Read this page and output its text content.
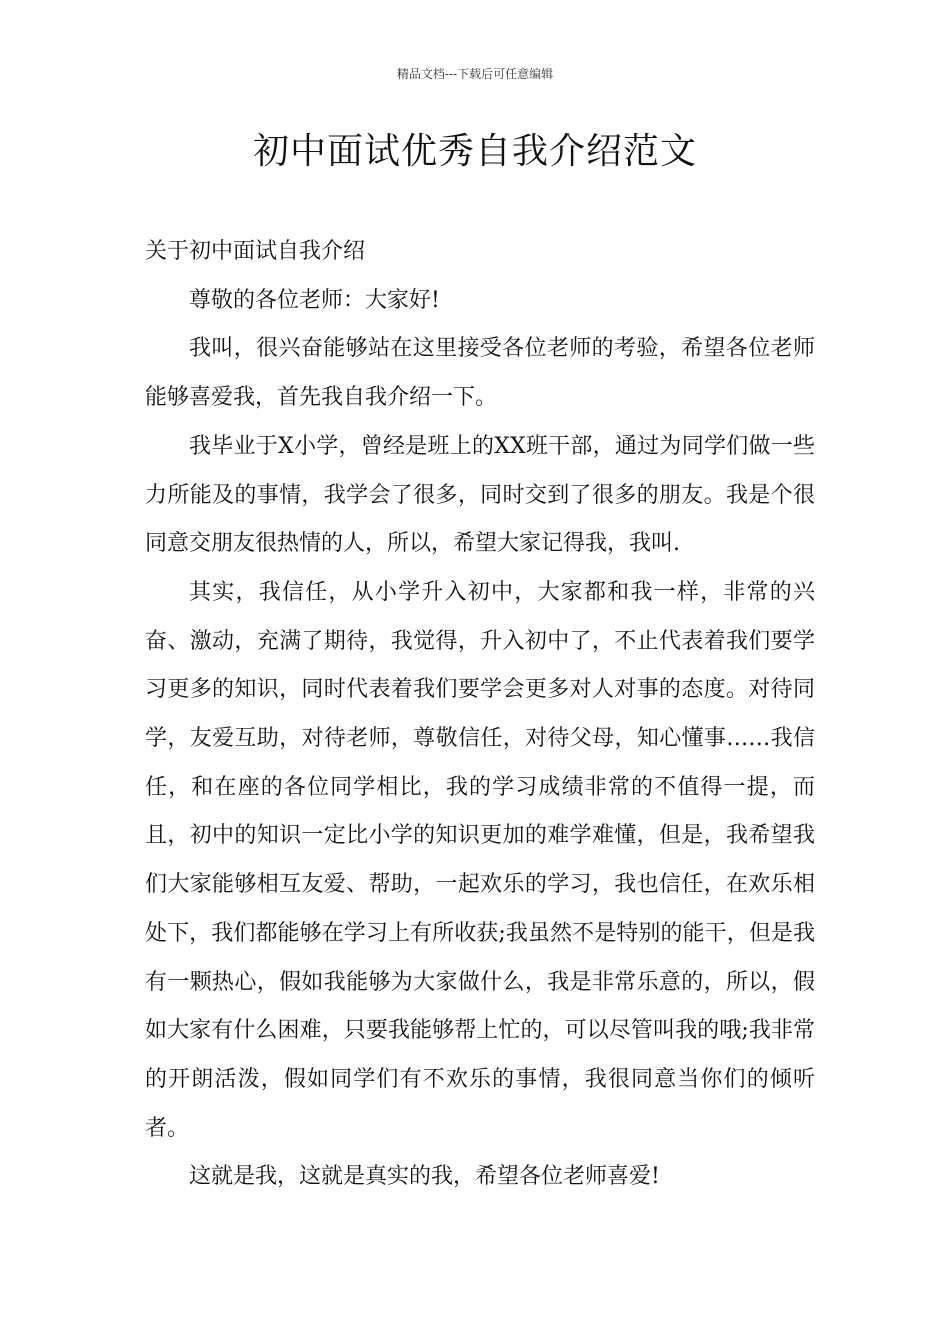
精品文档---下载后可任意编辑
初中面试优秀自我介绍范文

关于初中面试自我介绍

尊敬的各位老师：大家好!

我叫，很兴奋能够站在这里接受各位老师的考验，希望各位老师能够喜爱我，首先我自我介绍一下。

我毕业于X小学，曾经是班上的XX班干部，通过为同学们做一些力所能及的事情，我学会了很多，同时交到了很多的朋友。我是个很同意交朋友很热情的人，所以，希望大家记得我，我叫.

其实，我信任，从小学升入初中，大家都和我一样，非常的兴奋、激动，充满了期待，我觉得，升入初中了，不止代表着我们要学习更多的知识，同时代表着我们要学会更多对人对事的态度。对待同学，友爱互助，对待老师，尊敬信任，对待父母，知心懂事……我信任，和在座的各位同学相比，我的学习成绩非常的不值得一提，而且，初中的知识一定比小学的知识更加的难学难懂，但是，我希望我们大家能够相互友爱、帮助，一起欢乐的学习，我也信任，在欢乐相处下，我们都能够在学习上有所收获;我虽然不是特别的能干，但是我有一颗热心，假如我能够为大家做什么，我是非常乐意的，所以，假如大家有什么困难，只要我能够帮上忙的，可以尽管叫我的哦;我非常的开朗活泼，假如同学们有不欢乐的事情，我很同意当你们的倾听者。

这就是我，这就是真实的我，希望各位老师喜爱!
